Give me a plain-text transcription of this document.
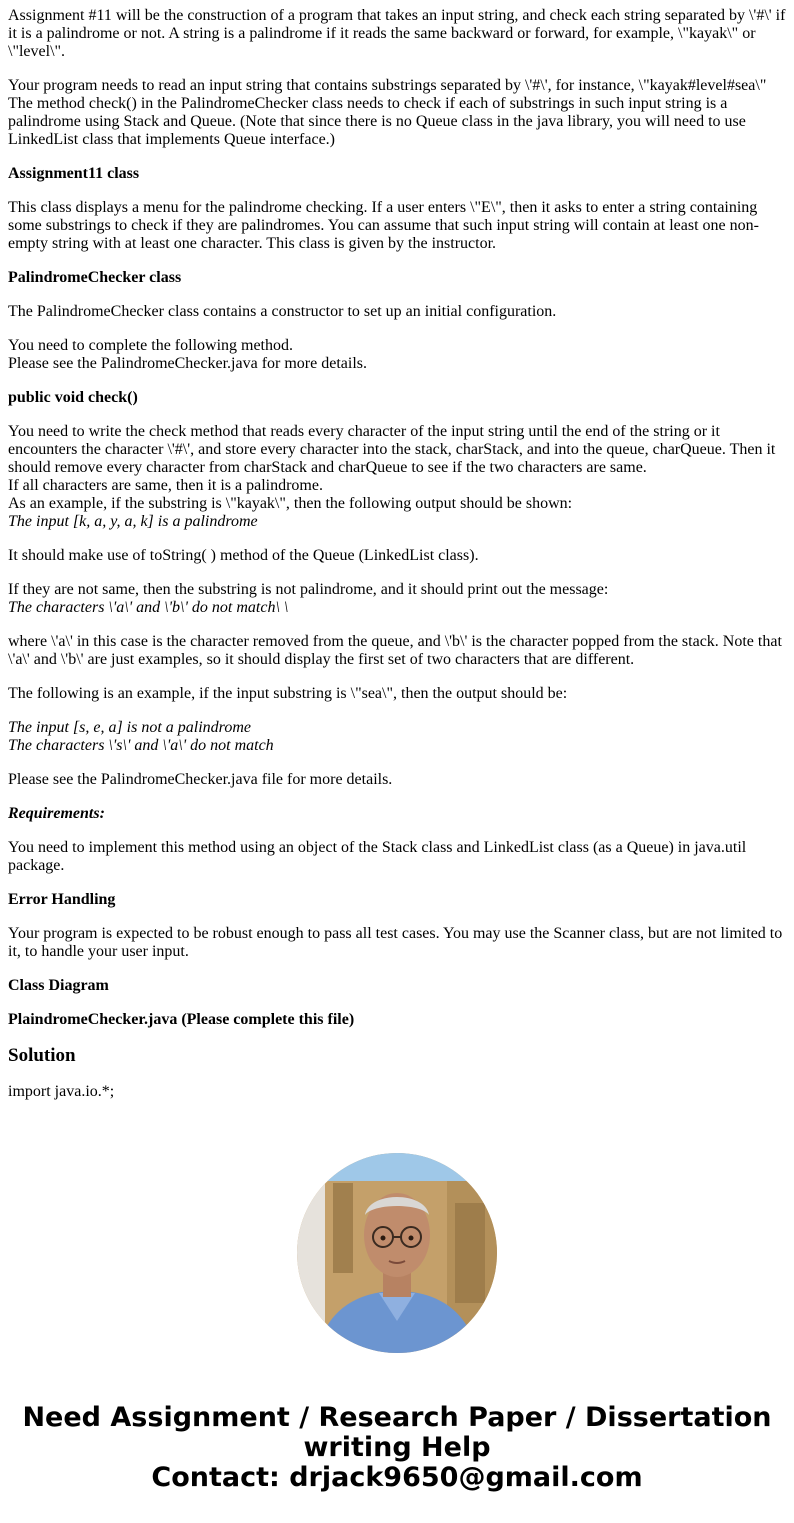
Assignment #11 will be the construction of a program that takes an input string, and check each string separated by \'#\' if it is a palindrome or not. A string is a palindrome if it reads the same backward or forward, for example, \"kayak\" or \"level\".

Your program needs to read an input string that contains substrings separated by \'#\', for instance, \"kayak#level#sea\" The method check() in the PalindromeChecker class needs to check if each of substrings in such input string is a palindrome using Stack and Queue. (Note that since there is no Queue class in the java library, you will need to use LinkedList class that implements Queue interface.)

Assignment11 class

This class displays a menu for the palindrome checking. If a user enters \"E\", then it asks to enter a string containing some substrings to check if they are palindromes. You can assume that such input string will contain at least one non-empty string with at least one character. This class is given by the instructor.

PalindromeChecker class

The PalindromeChecker class contains a constructor to set up an initial configuration.

You need to complete the following method.
Please see the PalindromeChecker.java for more details.

public void check()

You need to write the check method that reads every character of the input string until the end of the string or it encounters the character \'#\', and store every character into the stack, charStack, and into the queue, charQueue. Then it should remove every character from charStack and charQueue to see if the two characters are same.
If all characters are same, then it is a palindrome.
As an example, if the substring is \"kayak\", then the following output should be shown:
The input [k, a, y, a, k] is a palindrome

It should make use of toString( ) method of the Queue (LinkedList class).

If they are not same, then the substring is not palindrome, and it should print out the message:
The characters \'a\' and \'b\' do not match\ \

where \'a\' in this case is the character removed from the queue, and \'b\' is the character popped from the stack. Note that \'a\' and \'b\' are just examples, so it should display the first set of two characters that are different.

The following is an example, if the input substring is \"sea\", then the output should be:

The input [s, e, a] is not a palindrome
The characters \'s\' and \'a\' do not match

Please see the PalindromeChecker.java file for more details.

Requirements:

You need to implement this method using an object of the Stack class and LinkedList class (as a Queue) in java.util package.

Error Handling

Your program is expected to be robust enough to pass all test cases. You may use the Scanner class, but are not limited to it, to handle your user input.

Class Diagram

PlaindromeChecker.java (Please complete this file)

Solution

import java.io.*;

Need Assignment / Research Paper / Dissertation
writing Help
Contact: drjack9650@gmail.com
